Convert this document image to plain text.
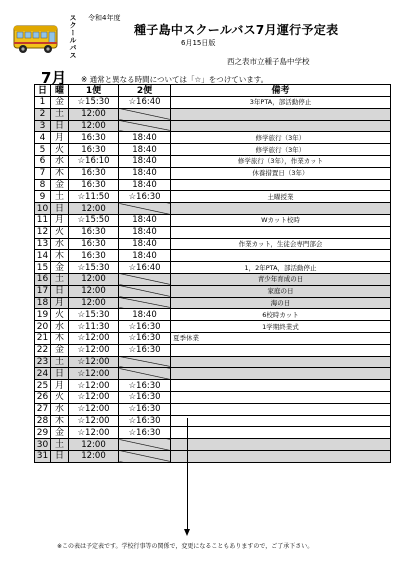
スクールバス 令和4年度
種子島中スクールバス7月運行予定表
6月15日版
西之表市立種子島中学校
7月 ※ 通常と異なる時間については「☆」をつけています。
日	曜	1便	2便	備考
1	金	☆15:30	☆16:40	3年PTA，部活動停止
2	土	12:00		
3	日	12:00		
4	月	16:30	18:40	修学旅行（3年）
5	火	16:30	18:40	修学旅行（3年）
6	水	☆16:10	18:40	修学旅行（3年），作業カット
7	木	16:30	18:40	休養措置日（3年）
8	金	16:30	18:40	
9	土	☆11:50	☆16:30	土曜授業
10	日	12:00		
11	月	☆15:50	18:40	Wカット校時
12	火	16:30	18:40	
13	水	16:30	18:40	作業カット，生徒会専門部会
14	木	16:30	18:40	
15	金	☆15:30	☆16:40	1，2年PTA，部活動停止
16	土	12:00		青少年育成の日
17	日	12:00		家庭の日
18	月	12:00		海の日
19	火	☆15:30	18:40	6校時カット
20	水	☆11:30	☆16:30	1学期終業式
21	木	☆12:00	☆16:30	夏季休業
22	金	☆12:00	☆16:30	
23	土	☆12:00		
24	日	☆12:00		
25	月	☆12:00	☆16:30	
26	火	☆12:00	☆16:30	
27	水	☆12:00	☆16:30	
28	木	☆12:00	☆16:30	
29	金	☆12:00	☆16:30	
30	土	12:00		
31	日	12:00		
※この表は予定表です。学校行事等の関係で，変更になることもありますので，ご了承下さい。
